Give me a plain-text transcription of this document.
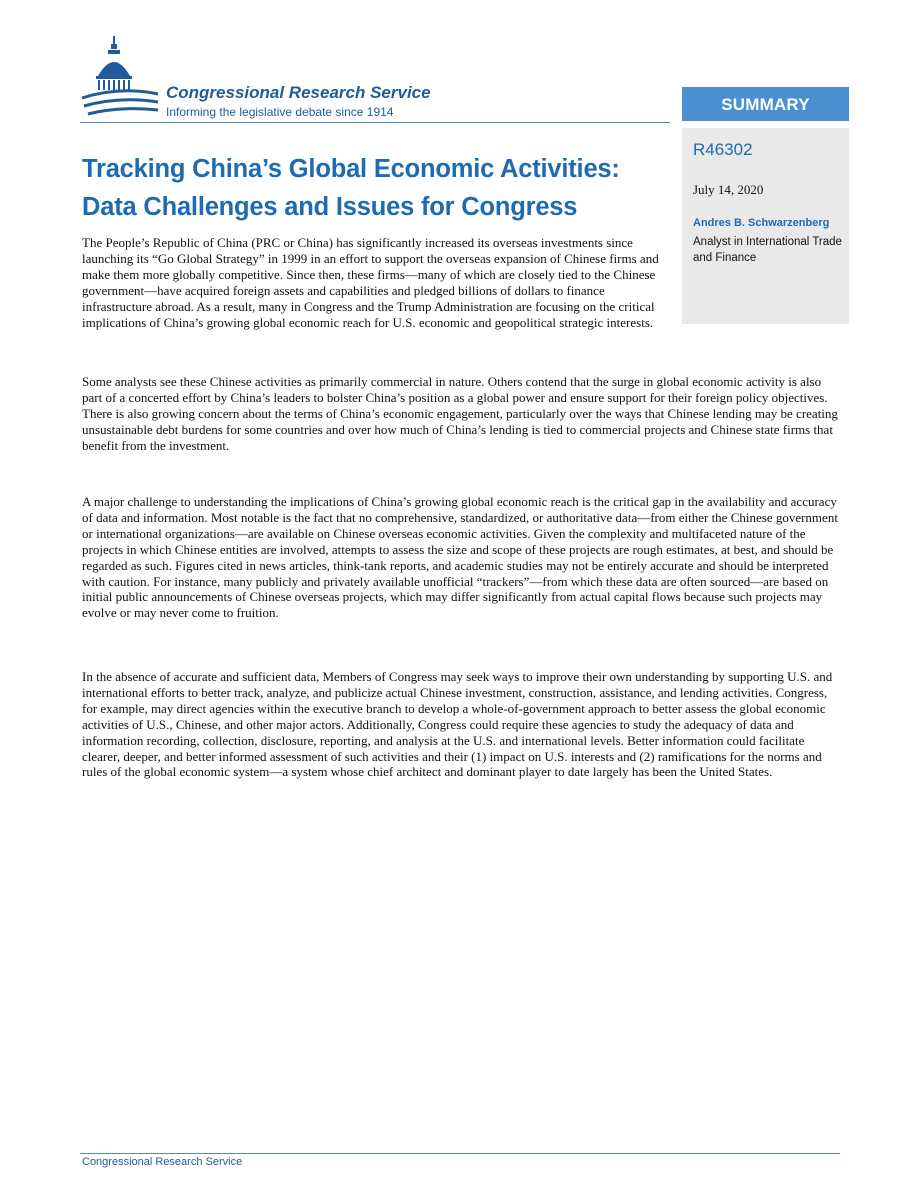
Congressional Research Service
Informing the legislative debate since 1914	SUMMARY
R46302
July 14, 2020
Andres B. Schwarzenberg
Analyst in International Trade and Finance
Tracking China’s Global Economic Activities: Data Challenges and Issues for Congress

The People’s Republic of China (PRC or China) has significantly increased its overseas investments since launching its “Go Global Strategy” in 1999 in an effort to support the overseas expansion of Chinese firms and make them more globally competitive. Since then, these firms—many of which are closely tied to the Chinese government—have acquired foreign assets and capabilities and pledged billions of dollars to finance infrastructure abroad. As a result, many in Congress and the Trump Administration are focusing on the critical implications of China’s growing global economic reach for U.S. economic and geopolitical strategic interests.

Some analysts see these Chinese activities as primarily commercial in nature. Others contend that the surge in global economic activity is also part of a concerted effort by China’s leaders to bolster China’s position as a global power and ensure support for their foreign policy objectives. There is also growing concern about the terms of China’s economic engagement, particularly over the ways that Chinese lending may be creating unsustainable debt burdens for some countries and over how much of China’s lending is tied to commercial projects and Chinese state firms that benefit from the investment.

A major challenge to understanding the implications of China’s growing global economic reach is the critical gap in the availability and accuracy of data and information. Most notable is the fact that no comprehensive, standardized, or authoritative data—from either the Chinese government or international organizations—are available on Chinese overseas economic activities. Given the complexity and multifaceted nature of the projects in which Chinese entities are involved, attempts to assess the size and scope of these projects are rough estimates, at best, and should be regarded as such. Figures cited in news articles, think-tank reports, and academic studies may not be entirely accurate and should be interpreted with caution. For instance, many publicly and privately available unofficial “trackers”—from which these data are often sourced—are based on initial public announcements of Chinese overseas projects, which may differ significantly from actual capital flows because such projects may evolve or may never come to fruition.

In the absence of accurate and sufficient data, Members of Congress may seek ways to improve their own understanding by supporting U.S. and international efforts to better track, analyze, and publicize actual Chinese investment, construction, assistance, and lending activities. Congress, for example, may direct agencies within the executive branch to develop a whole-of-government approach to better assess the global economic activities of U.S., Chinese, and other major actors. Additionally, Congress could require these agencies to study the adequacy of data and information recording, collection, disclosure, reporting, and analysis at the U.S. and international levels. Better information could facilitate clearer, deeper, and better informed assessment of such activities and their (1) impact on U.S. interests and (2) ramifications for the norms and rules of the global economic system—a system whose chief architect and dominant player to date largely has been the United States.

Congressional Research Service
